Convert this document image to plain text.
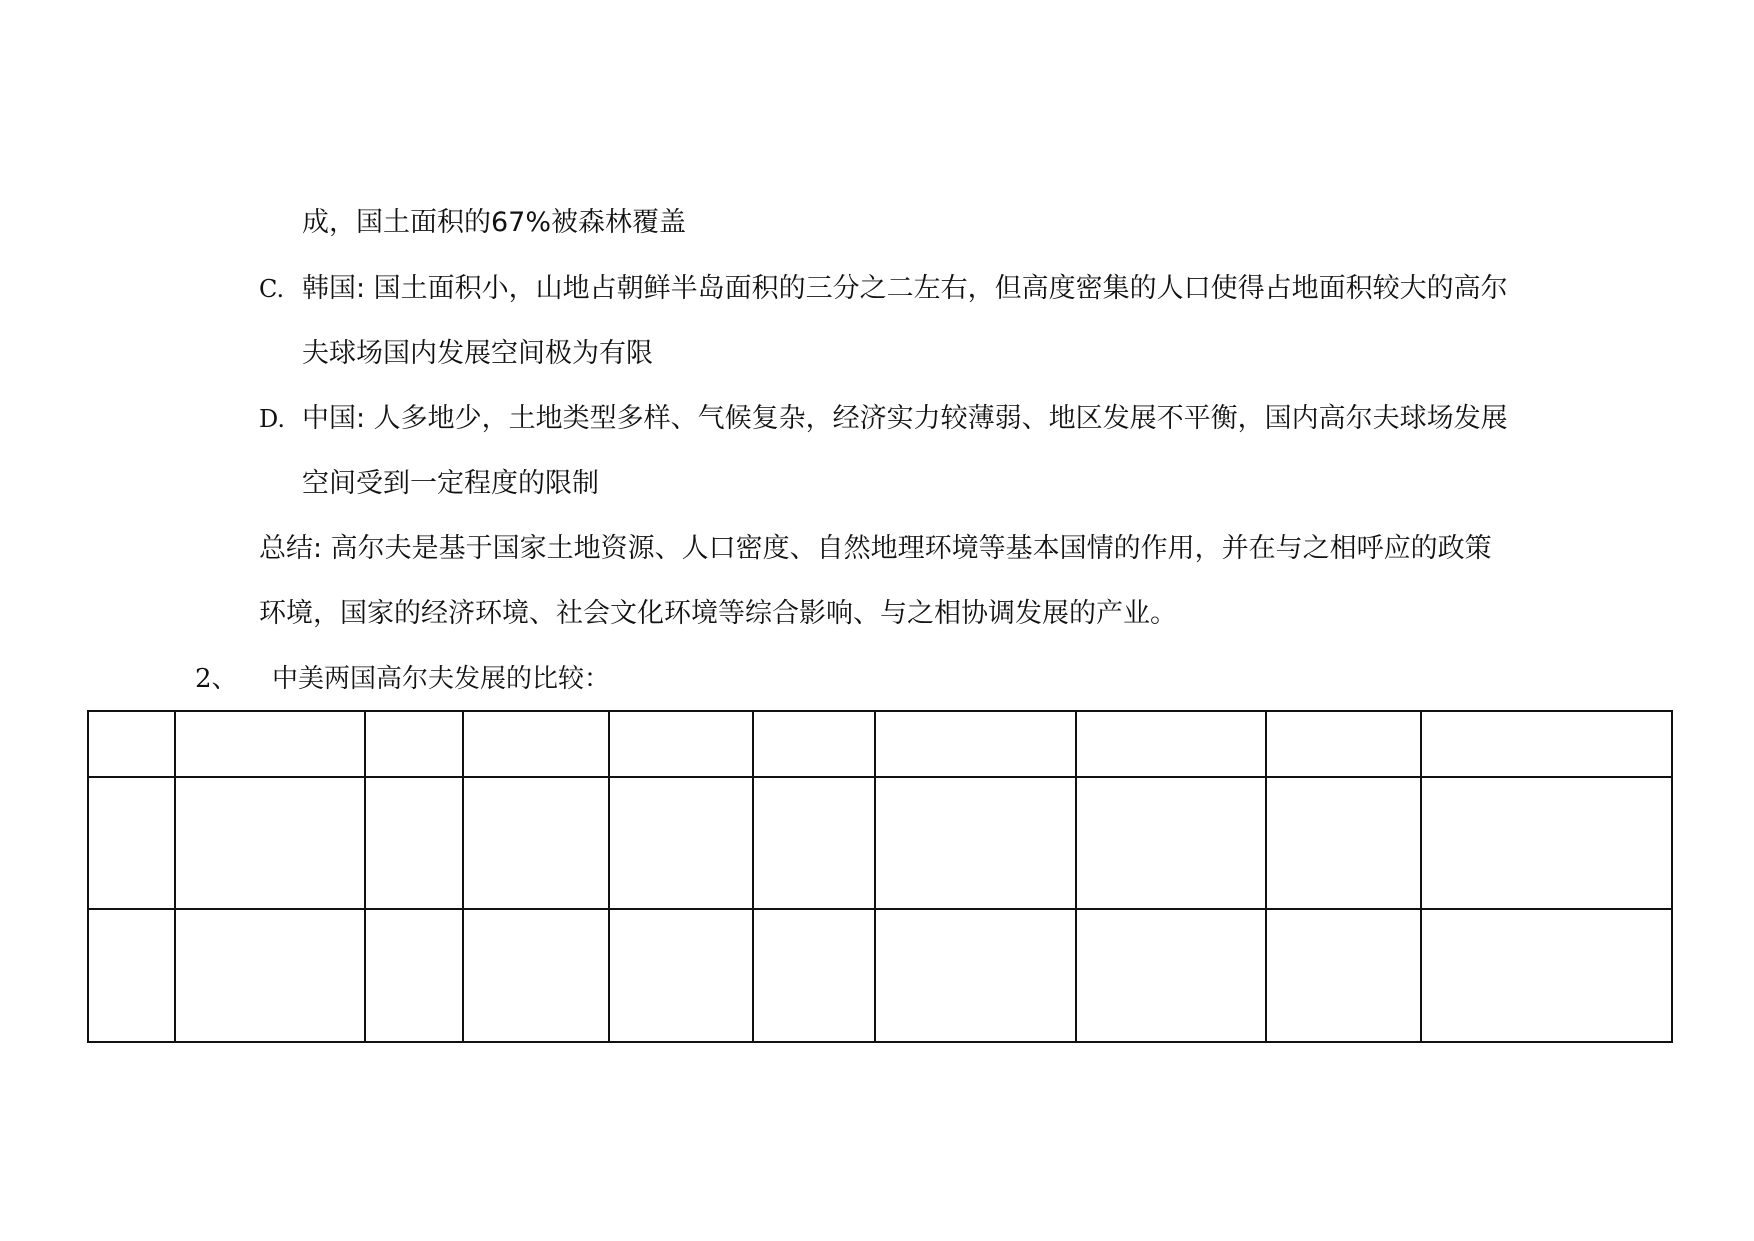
成，国土面积的67%被森林覆盖
C. 韩国: 国土面积小，山地占朝鲜半岛面积的三分之二左右，但高度密集的人口使得占地面积较大的高尔
夫球场国内发展空间极为有限
D. 中国: 人多地少，土地类型多样、气候复杂，经济实力较薄弱、地区发展不平衡，国内高尔夫球场发展
空间受到一定程度的限制
总结: 高尔夫是基于国家土地资源、人口密度、自然地理环境等基本国情的作用，并在与之相呼应的政策
环境，国家的经济环境、社会文化环境等综合影响、与之相协调发展的产业。
2、 中美两国高尔夫发展的比较：
